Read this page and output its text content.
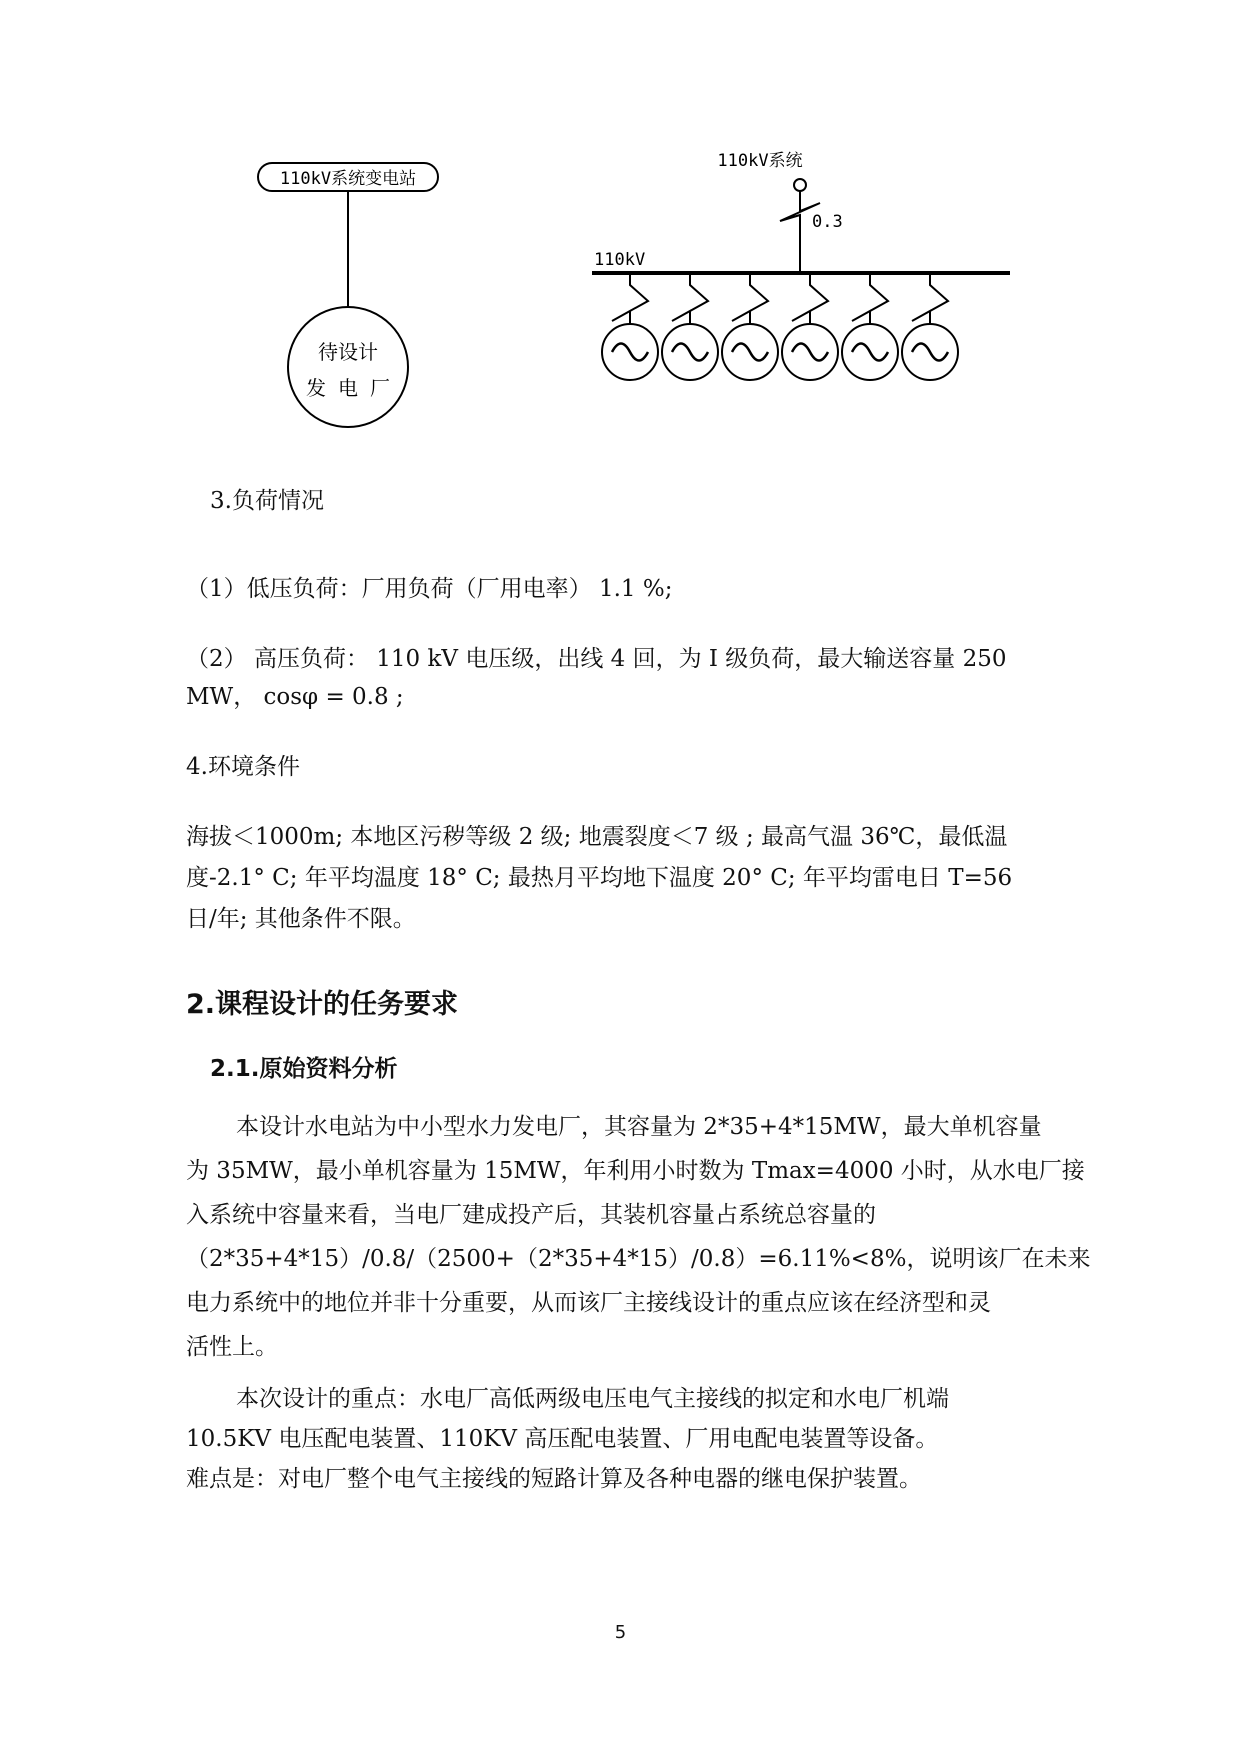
110kV系统变电站
待设计
发 电 厂
110kV系统
0.3
110kV
3.负荷情况
（1）低压负荷：厂用负荷（厂用电率） 1.1 %;
（2） 高压负荷： 110 kV 电压级，出线 4 回，为 I 级负荷，最大输送容量 250
MW， cosφ = 0.8 ;
4.环境条件
海拔＜1000m; 本地区污秽等级 2 级; 地震裂度＜7 级 ; 最高气温 36℃，最低温
度-2.1° C; 年平均温度 18° C; 最热月平均地下温度 20° C; 年平均雷电日 T=56
日/年; 其他条件不限。
2.课程设计的任务要求
2.1.原始资料分析
本设计水电站为中小型水力发电厂，其容量为 2*35+4*15MW，最大单机容量
为 35MW，最小单机容量为 15MW，年利用小时数为 Tmax=4000 小时，从水电厂接
入系统中容量来看，当电厂建成投产后，其装机容量占系统总容量的
（2*35+4*15）/0.8/（2500+（2*35+4*15）/0.8）=6.11%<8%，说明该厂在未来
电力系统中的地位并非十分重要，从而该厂主接线设计的重点应该在经济型和灵
活性上。
本次设计的重点：水电厂高低两级电压电气主接线的拟定和水电厂机端
10.5KV 电压配电装置、110KV 高压配电装置、厂用电配电装置等设备。
难点是：对电厂整个电气主接线的短路计算及各种电器的继电保护装置。
5
